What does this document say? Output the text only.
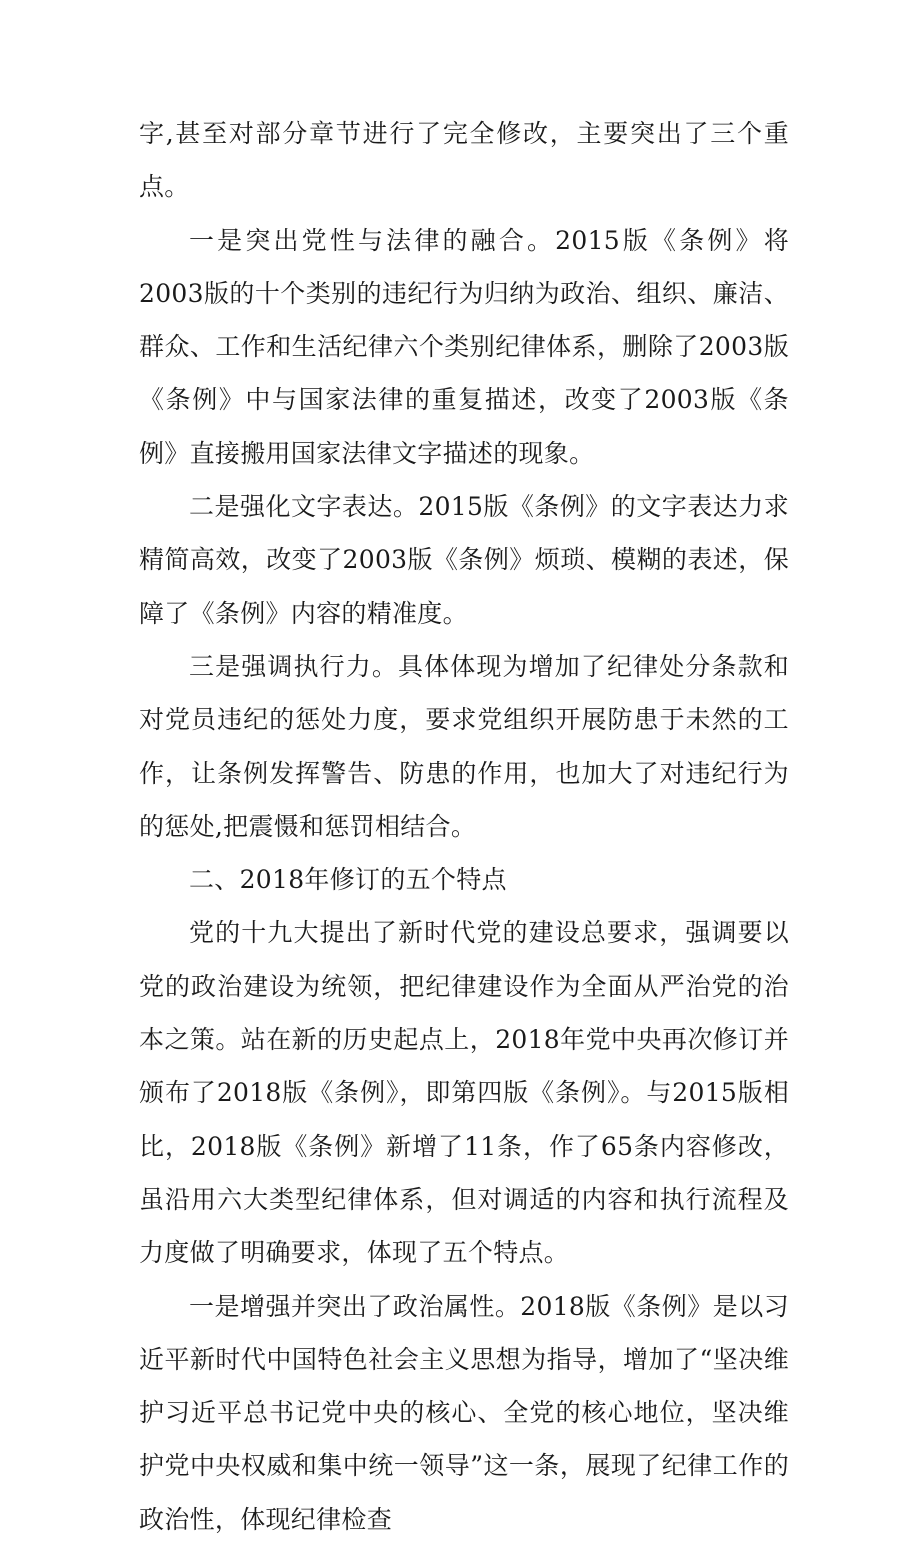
字,甚至对部分章节进行了完全修改，主要突出了三个重点。

一是突出党性与法律的融合。2015版《条例》将2003版的十个类别的违纪行为归纳为政治、组织、廉洁、群众、工作和生活纪律六个类别纪律体系，删除了2003版《条例》中与国家法律的重复描述，改变了2003版《条例》直接搬用国家法律文字描述的现象。

二是强化文字表达。2015版《条例》的文字表达力求精简高效，改变了2003版《条例》烦琐、模糊的表述，保障了《条例》内容的精准度。

三是强调执行力。具体体现为增加了纪律处分条款和对党员违纪的惩处力度，要求党组织开展防患于未然的工作，让条例发挥警告、防患的作用，也加大了对违纪行为的惩处,把震慑和惩罚相结合。

二、2018年修订的五个特点

党的十九大提出了新时代党的建设总要求，强调要以党的政治建设为统领，把纪律建设作为全面从严治党的治本之策。站在新的历史起点上，2018年党中央再次修订并颁布了2018版《条例》，即第四版《条例》。与2015版相比，2018版《条例》新增了11条，作了65条内容修改，虽沿用六大类型纪律体系，但对调适的内容和执行流程及力度做了明确要求，体现了五个特点。

一是增强并突出了政治属性。2018版《条例》是以习近平新时代中国特色社会主义思想为指导，增加了“坚决维护习近平总书记党中央的核心、全党的核心地位，坚决维护党中央权威和集中统一领导”这一条，展现了纪律工作的政治性，体现纪律检查
